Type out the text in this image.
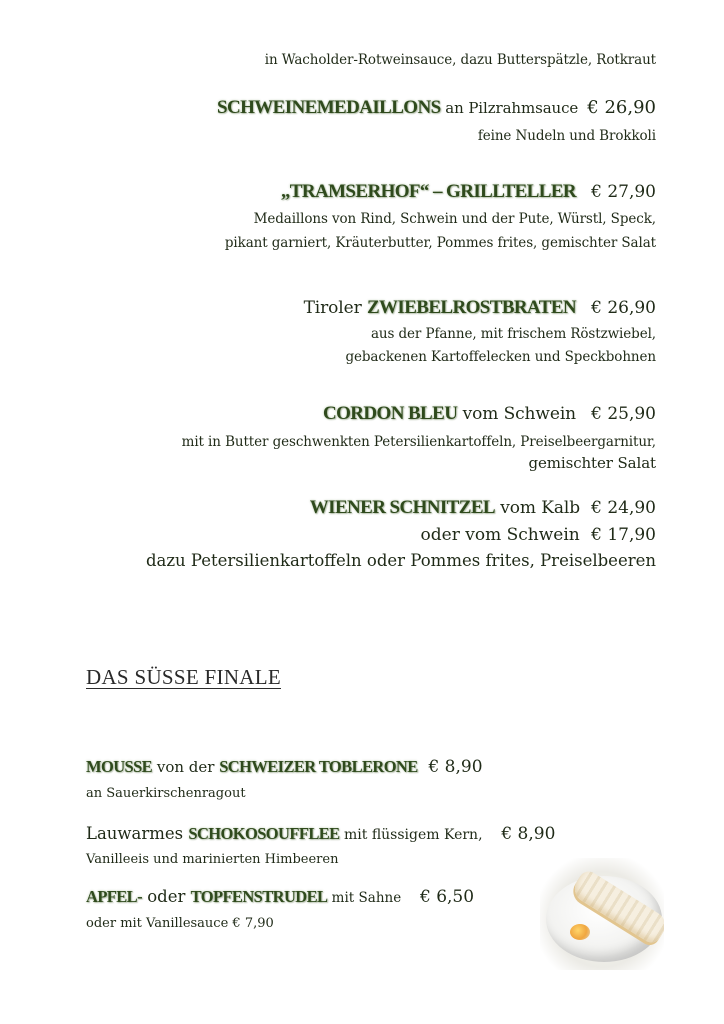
in Wacholder-Rotweinsauce, dazu Butterspätzle, Rotkraut
SCHWEINEMEDAILLONS an Pilzrahmsauce € 26,90
feine Nudeln und Brokkoli
„TRAMSERHOF“ – GRILLTELLER € 27,90
Medaillons von Rind, Schwein und der Pute, Würstl, Speck,
pikant garniert, Kräuterbutter, Pommes frites, gemischter Salat
Tiroler ZWIEBELROSTBRATEN € 26,90
aus der Pfanne, mit frischem Röstzwiebel,
gebackenen Kartoffelecken und Speckbohnen
CORDON BLEU vom Schwein € 25,90
mit in Butter geschwenkten Petersilienkartoffeln, Preiselbeergarnitur,
gemischter Salat
WIENER SCHNITZEL vom Kalb € 24,90
oder vom Schwein € 17,90
dazu Petersilienkartoffeln oder Pommes frites, Preiselbeeren
DAS SÜSSE FINALE
MOUSSE von der SCHWEIZER TOBLERONE € 8,90
an Sauerkirschenragout
Lauwarmes SCHOKOSOUFFLEE mit flüssigem Kern, € 8,90
Vanilleeis und marinierten Himbeeren
APFEL- oder TOPFENSTRUDEL mit Sahne € 6,50
oder mit Vanillesauce € 7,90
